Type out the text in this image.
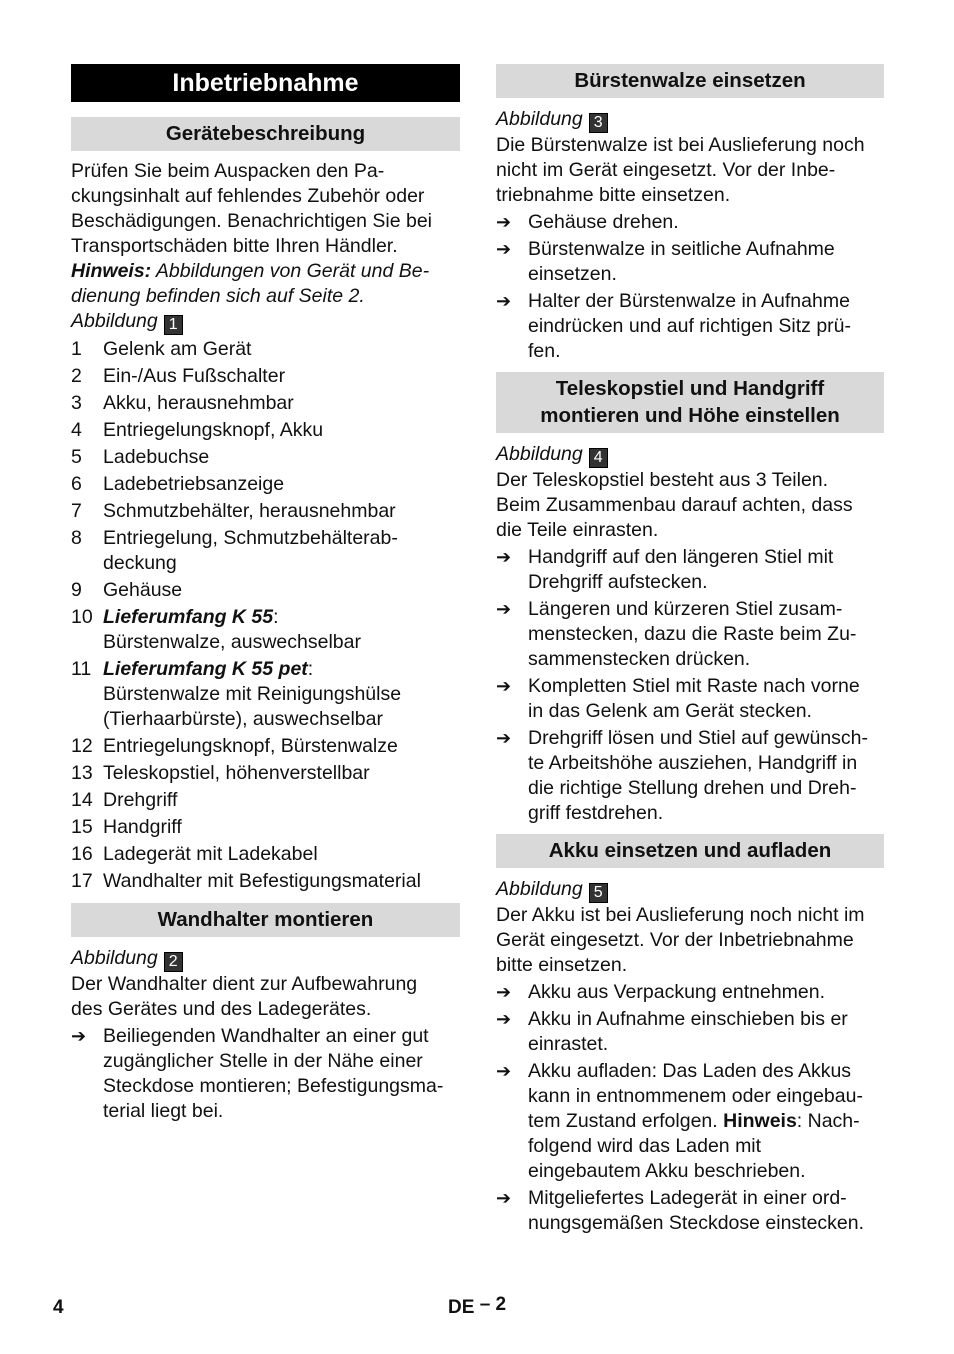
Inbetriebnahme
Gerätebeschreibung

Prüfen Sie beim Auspacken den Pa-

ckungsinhalt auf fehlendes Zubehör oder

Beschädigungen. Benachrichtigen Sie bei

Transportschäden bitte Ihren Händler.

Hinweis: Abbildungen von Gerät und Be-

dienung befinden sich auf Seite 2.

Abbildung 1

1	Gelenk am Gerät
2	Ein-/Aus Fußschalter
3	Akku, herausnehmbar
4	Entriegelungsknopf, Akku
5	Ladebuchse
6	Ladebetriebsanzeige
7	Schmutzbehälter, herausnehmbar
8	Entriegelung, Schmutzbehälterab-
deckung
9	Gehäuse
10 Lieferumfang K 55:
Bürstenwalze, auswechselbar
11 Lieferumfang K 55 pet:
Bürstenwalze mit Reinigungshülse
(Tierhaarbürste), auswechselbar
12 Entriegelungsknopf, Bürstenwalze
13 Teleskopstiel, höhenverstellbar
14 Drehgriff
15 Handgriff
16 Ladegerät mit Ladekabel
17 Wandhalter mit Befestigungsmaterial
Wandhalter montieren

Abbildung 2

Der Wandhalter dient zur Aufbewahrung

des Gerätes und des Ladegerätes.

➔ Beiliegenden Wandhalter an einer gut
zugänglicher Stelle in der Nähe einer
Steckdose montieren; Befestigungsma-
terial liegt bei.
Bürstenwalze einsetzen

Abbildung 3

Die Bürstenwalze ist bei Auslieferung noch

nicht im Gerät eingesetzt. Vor der Inbe-

triebnahme bitte einsetzen.

➔ Gehäuse drehen.
➔ Bürstenwalze in seitliche Aufnahme
einsetzen.
➔ Halter der Bürstenwalze in Aufnahme
eindrücken und auf richtigen Sitz prü-
fen.
Teleskopstiel und Handgriff
montieren und Höhe einstellen

Abbildung 4

Der Teleskopstiel besteht aus 3 Teilen.

Beim Zusammenbau darauf achten, dass

die Teile einrasten.

➔ Handgriff auf den längeren Stiel mit
Drehgriff aufstecken.
➔ Längeren und kürzeren Stiel zusam-
menstecken, dazu die Raste beim Zu-
sammenstecken drücken.
➔ Kompletten Stiel mit Raste nach vorne
in das Gelenk am Gerät stecken.
➔ Drehgriff lösen und Stiel auf gewünsch-
te Arbeitshöhe ausziehen, Handgriff in
die richtige Stellung drehen und Dreh-
griff festdrehen.
Akku einsetzen und aufladen

Abbildung 5

Der Akku ist bei Auslieferung noch nicht im

Gerät eingesetzt. Vor der Inbetriebnahme

bitte einsetzen.

➔ Akku aus Verpackung entnehmen.
➔ Akku in Aufnahme einschieben bis er
einrastet.
➔ Akku aufladen: Das Laden des Akkus
kann in entnommenem oder eingebau-
tem Zustand erfolgen. Hinweis: Nach-
folgend wird das Laden mit
eingebautem Akku beschrieben.
➔ Mitgeliefertes Ladegerät in einer ord-
nungsgemäßen Steckdose einstecken.
4	DE – 2
